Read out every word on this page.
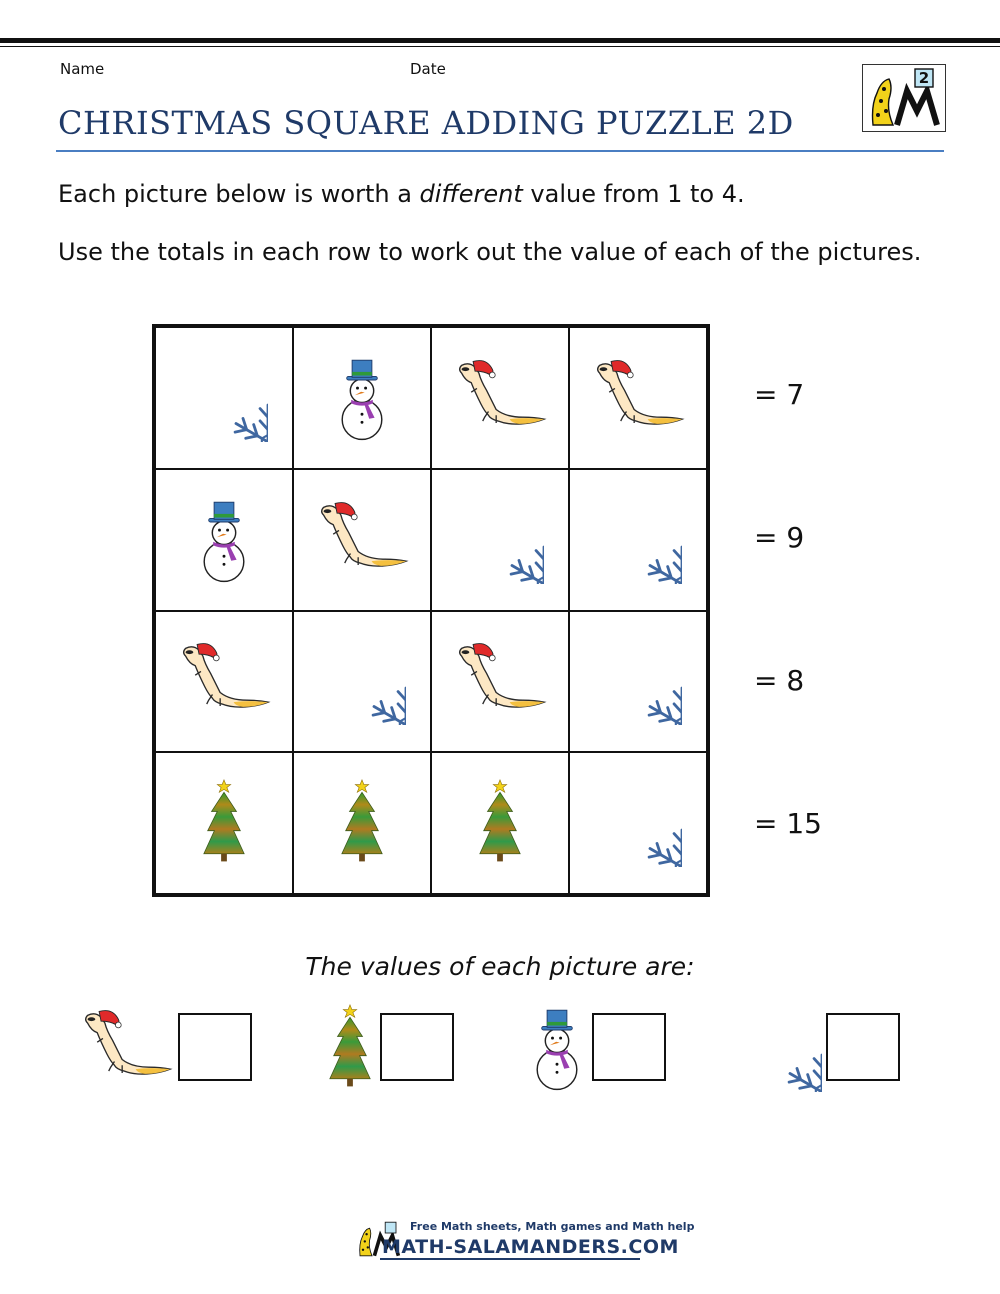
Name	Date	2
CHRISTMAS SQUARE ADDING PUZZLE 2D
Each picture below is worth a different value from 1 to 4.
Use the totals in each row to work out the value of each of the pictures.
= 7
= 9
= 8
= 15
The values of each picture are:
Free Math sheets, Math games and Math help
MATH-SALAMANDERS.COM
